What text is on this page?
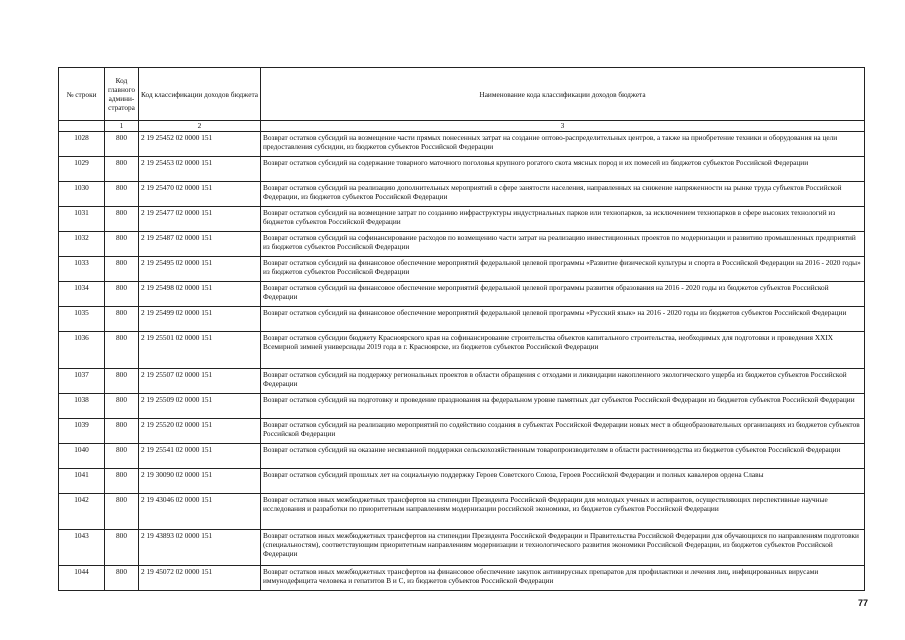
№ строки	Код главного админи-стратора	Код классификации доходов бюджета	Наименование кода классификации доходов бюджета
	1	2	3
1028	800	2 19 25452 02 0000 151	Возврат остатков субсидий на возмещение части прямых понесенных затрат на создание оптово-распределительных центров, а также на приобретение техники и оборудования на цели предоставления субсидии, из бюджетов субъектов Российской Федерации
1029	800	2 19 25453 02 0000 151	Возврат остатков субсидий на содержание товарного маточного поголовья крупного рогатого скота мясных пород и их помесей из бюджетов субъектов Российской Федерации
1030	800	2 19 25470 02 0000 151	Возврат остатков субсидий на реализацию дополнительных мероприятий в сфере занятости населения, направленных на снижение напряженности на рынке труда субъектов Российской Федерации, из бюджетов субъектов Российской Федерации
1031	800	2 19 25477 02 0000 151	Возврат остатков субсидий на возмещение затрат по созданию инфраструктуры индустриальных парков или технопарков, за исключением технопарков в сфере высоких технологий из бюджетов субъектов Российской Федерации
1032	800	2 19 25487 02 0000 151	Возврат остатков субсидий на софинансирование расходов по возмещению части затрат на реализацию инвестиционных проектов по модернизации и развитию промышленных предприятий из бюджетов субъектов Российской Федерации
1033	800	2 19 25495 02 0000 151	Возврат остатков субсидий на финансовое обеспечение мероприятий федеральной целевой программы «Развитие физической культуры и спорта в Российской Федерации на 2016 - 2020 годы» из бюджетов субъектов Российской Федерации
1034	800	2 19 25498 02 0000 151	Возврат остатков субсидий на финансовое обеспечение мероприятий федеральной целевой программы развития образования на 2016 - 2020 годы из бюджетов субъектов Российской Федерации
1035	800	2 19 25499 02 0000 151	Возврат остатков субсидий на финансовое обеспечение мероприятий федеральной целевой программы «Русский язык» на 2016 - 2020 годы из бюджетов субъектов Российской Федерации
1036	800	2 19 25501 02 0000 151	Возврат остатков субсидии бюджету Красноярского края на софинансирование строительства объектов капитального строительства, необходимых для подготовки и проведения XXIX Всемирной зимней универсиады 2019 года в г. Красноярске, из бюджетов субъектов Российской Федерации
1037	800	2 19 25507 02 0000 151	Возврат остатков субсидий на поддержку региональных проектов в области обращения с отходами и ликвидации накопленного экологического ущерба из бюджетов субъектов Российской Федерации
1038	800	2 19 25509 02 0000 151	Возврат остатков субсидий на подготовку и проведение празднования на федеральном уровне памятных дат субъектов Российской Федерации из бюджетов субъектов Российской Федерации
1039	800	2 19 25520 02 0000 151	Возврат остатков субсидий на реализацию мероприятий по содействию создания в субъектах Российской Федерации новых мест в общеобразовательных организациях из бюджетов субъектов Российской Федерации
1040	800	2 19 25541 02 0000 151	Возврат остатков субсидий на оказание несвязанной поддержки сельскохозяйственным товаропроизводителям в области растениеводства из бюджетов субъектов Российской Федерации
1041	800	2 19 30090 02 0000 151	Возврат остатков субсидий прошлых лет на социальную поддержку Героев Советского Союза, Героев Российской Федерации и полных кавалеров ордена Славы
1042	800	2 19 43046 02 0000 151	Возврат остатков иных межбюджетных трансфертов на стипендии Президента Российской Федерации для молодых ученых и аспирантов, осуществляющих перспективные научные исследования и разработки по приоритетным направлениям модернизации российской экономики, из бюджетов субъектов Российской Федерации
1043	800	2 19 43893 02 0000 151	Возврат остатков иных межбюджетных трансфертов на стипендии Президента Российской Федерации и Правительства Российской Федерации для обучающихся по направлениям подготовки (специальностям), соответствующим приоритетным направлениям модернизации и технологического развития экономики Российской Федерации, из бюджетов субъектов Российской Федерации
1044	800	2 19 45072 02 0000 151	Возврат остатков иных межбюджетных трансфертов на финансовое обеспечение закупок антивирусных препаратов для профилактики и лечения лиц, инфицированных вирусами иммунодефицита человека и гепатитов В и С, из бюджетов субъектов Российской Федерации
77
